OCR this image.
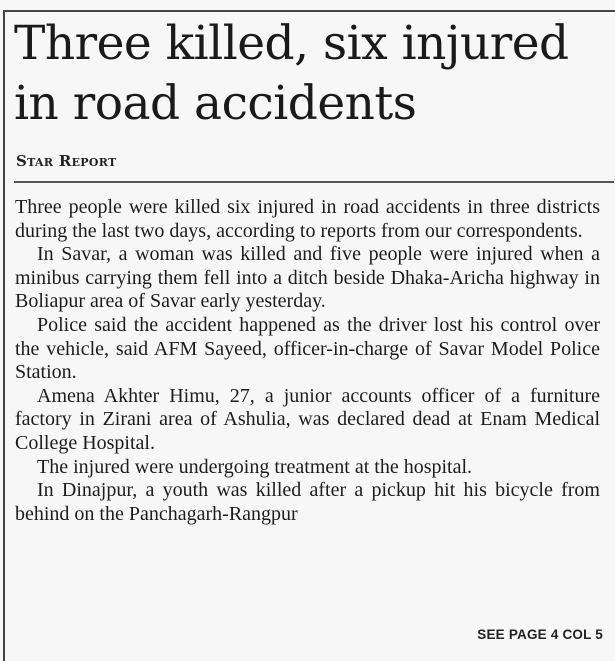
Three killed, six injured in road accidents
Star Report

Three people were killed six injured in road accidents in three districts during the last two days, according to reports from our correspondents.

In Savar, a woman was killed and five people were injured when a minibus carrying them fell into a ditch beside Dhaka-Aricha highway in Boliapur area of Savar early yesterday.

Police said the accident happened as the driver lost his control over the vehicle, said AFM Sayeed, officer-in-charge of Savar Model Police Station.

Amena Akhter Himu, 27, a junior accounts officer of a furniture factory in Zirani area of Ashulia, was declared dead at Enam Medical College Hospital.

The injured were undergoing treatment at the hospital.

In Dinajpur, a youth was killed after a pickup hit his bicycle from behind on the Panchagarh-Rangpur

SEE PAGE 4 COL 5
